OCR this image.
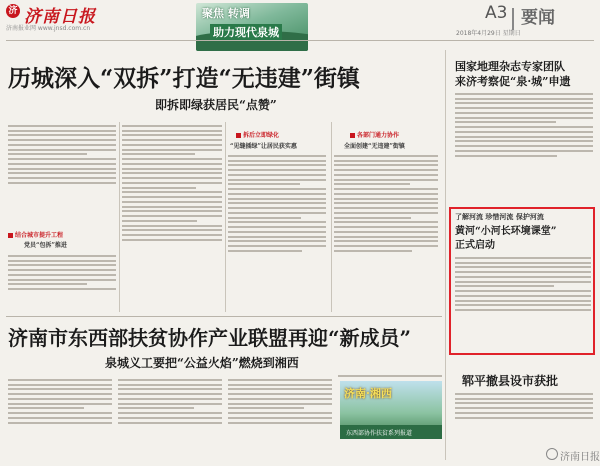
济 济南日报
济南报业网 www.jnsd.com.cn
A3 要闻
2018年4月29日 星期日
聚焦 转调
助力现代泉城
历城深入“双拆”打造“无违建”街镇
即拆即绿获居民“点赞”
结合城市提升工程
党员“包拆”推进
拆后立即绿化
“见缝插绿”让居民获实惠
各部门通力协作
全面创建“无违建”街镇
济南市东西部扶贫协作产业联盟再迎“新成员”
泉城义工要把“公益火焰”燃烧到湘西
济南·湘西
东西部协作扶贫系列报道
国家地理杂志专家团队
来济考察促“泉·城”申遗
了解河流 珍惜河流 保护河流
黄河“小河长环境课堂”
正式启动
郓平撤县设市获批
济南日报
